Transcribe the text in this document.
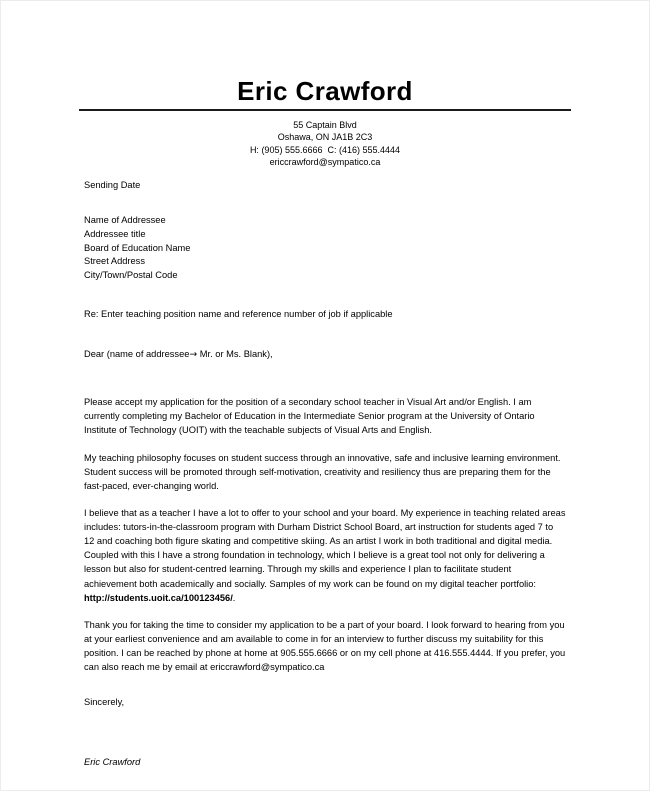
Eric Crawford
55 Captain Blvd
Oshawa, ON JA1B 2C3
H: (905) 555.6666  C: (416) 555.4444
ericcrawford@sympatico.ca

Sending Date

Name of Addressee
Addressee title
Board of Education Name
Street Address
City/Town/Postal Code

Re: Enter teaching position name and reference number of job if applicable

Dear (name of addressee→ Mr. or Ms. Blank),

Please accept my application for the position of a secondary school teacher in Visual Art and/or English. I am currently completing my Bachelor of Education in the Intermediate Senior program at the University of Ontario Institute of Technology (UOIT) with the teachable subjects of Visual Arts and English.

My teaching philosophy focuses on student success through an innovative, safe and inclusive learning environment. Student success will be promoted through self-motivation, creativity and resiliency thus are preparing them for the fast-paced, ever-changing world.

I believe that as a teacher I have a lot to offer to your school and your board. My experience in teaching related areas includes: tutors-in-the-classroom program with Durham District School Board, art instruction for students aged 7 to 12 and coaching both figure skating and competitive skiing. As an artist I work in both traditional and digital media. Coupled with this I have a strong foundation in technology, which I believe is a great tool not only for delivering a lesson but also for student-centred learning. Through my skills and experience I plan to facilitate student achievement both academically and socially. Samples of my work can be found on my digital teacher portfolio: http://students.uoit.ca/100123456/.

Thank you for taking the time to consider my application to be a part of your board. I look forward to hearing from you at your earliest convenience and am available to come in for an interview to further discuss my suitability for this position. I can be reached by phone at home at 905.555.6666 or on my cell phone at 416.555.4444. If you prefer, you can also reach me by email at ericcrawford@sympatico.ca

Sincerely,

Eric Crawford
